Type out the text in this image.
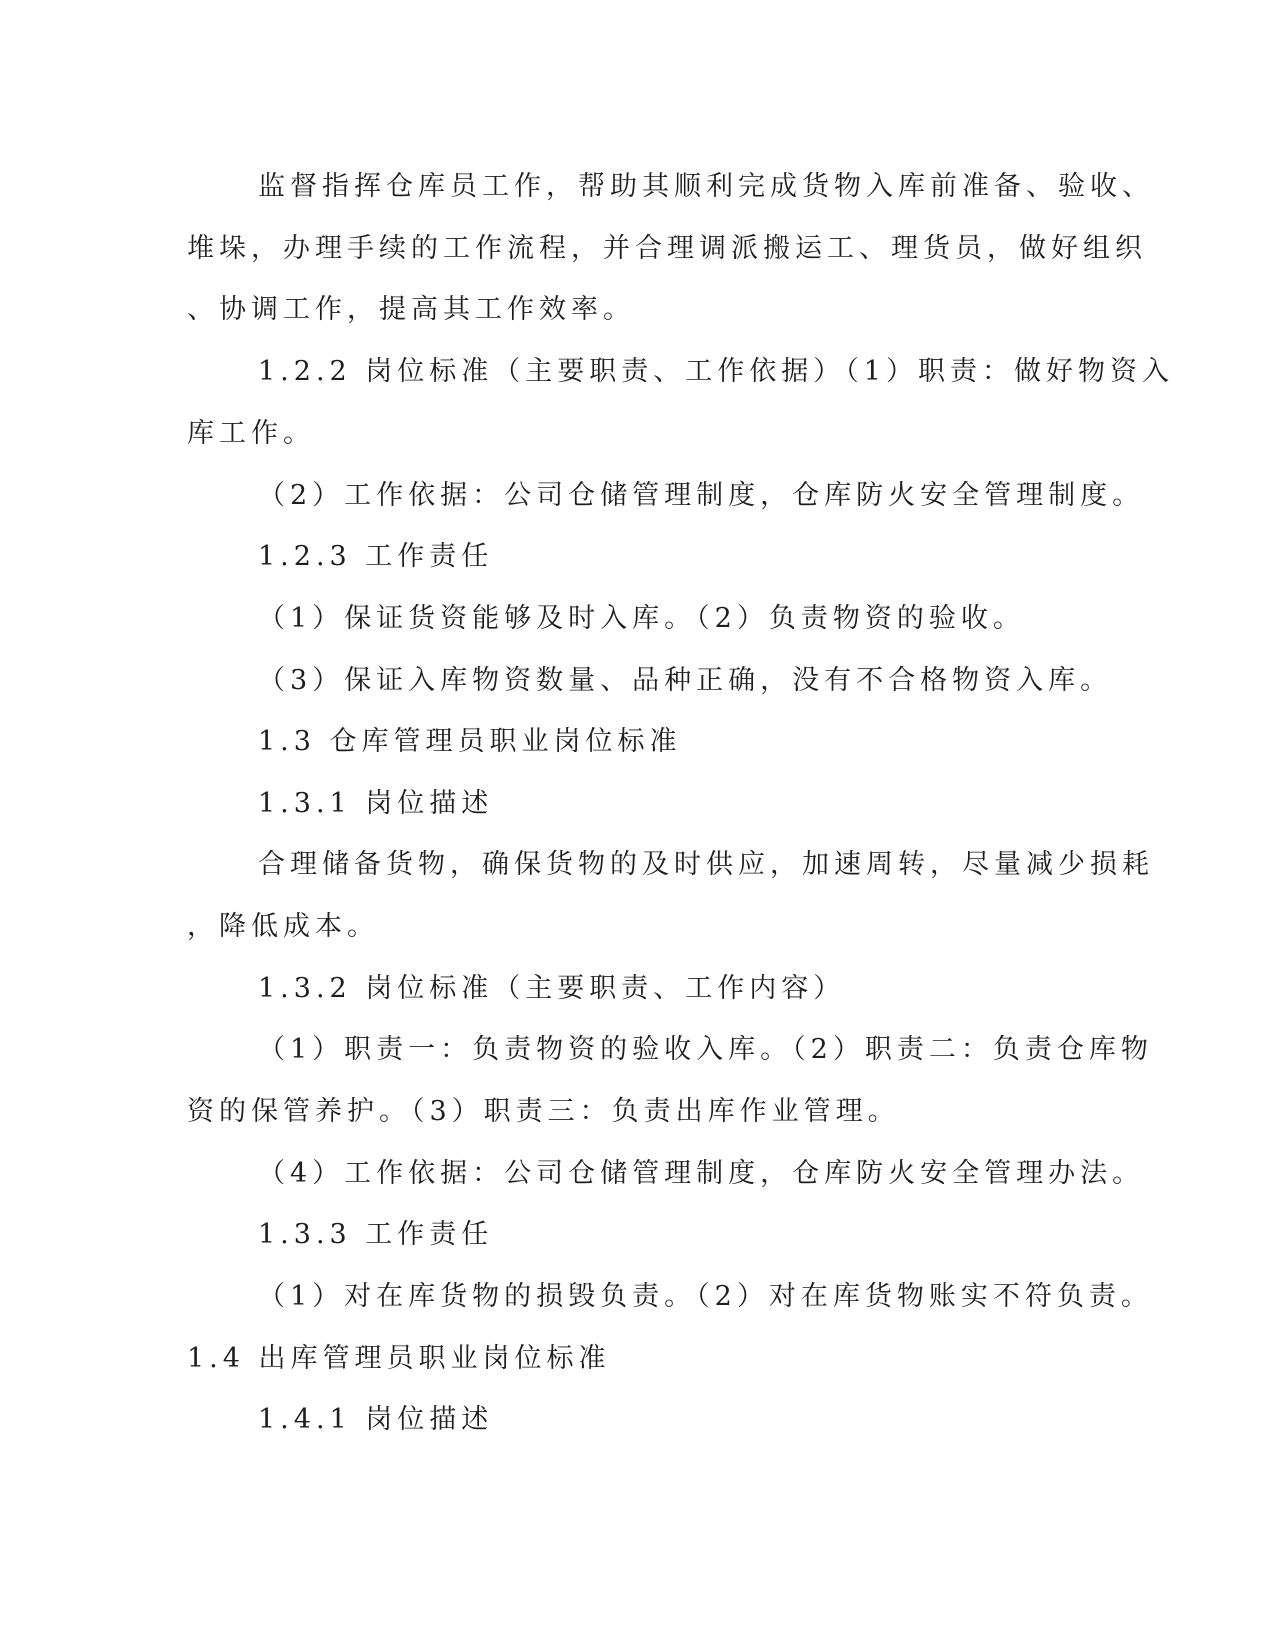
监督指挥仓库员工作，帮助其顺利完成货物入库前准备、验收、
堆垛，办理手续的工作流程，并合理调派搬运工、理货员，做好组织
、协调工作，提高其工作效率。
1.2.2 岗位标准（主要职责、工作依据）（1）职责：做好物资入
库工作。
（2）工作依据：公司仓储管理制度，仓库防火安全管理制度。
1.2.3 工作责任
（1）保证货资能够及时入库。（2）负责物资的验收。
（3）保证入库物资数量、品种正确，没有不合格物资入库。
1.3 仓库管理员职业岗位标准
1.3.1 岗位描述
合理储备货物，确保货物的及时供应，加速周转，尽量减少损耗
，降低成本。
1.3.2 岗位标准（主要职责、工作内容）
（1）职责一：负责物资的验收入库。（2）职责二：负责仓库物
资的保管养护。（3）职责三：负责出库作业管理。
（4）工作依据：公司仓储管理制度，仓库防火安全管理办法。
1.3.3 工作责任
（1）对在库货物的损毁负责。（2）对在库货物账实不符负责。
1.4 出库管理员职业岗位标准
1.4.1 岗位描述
